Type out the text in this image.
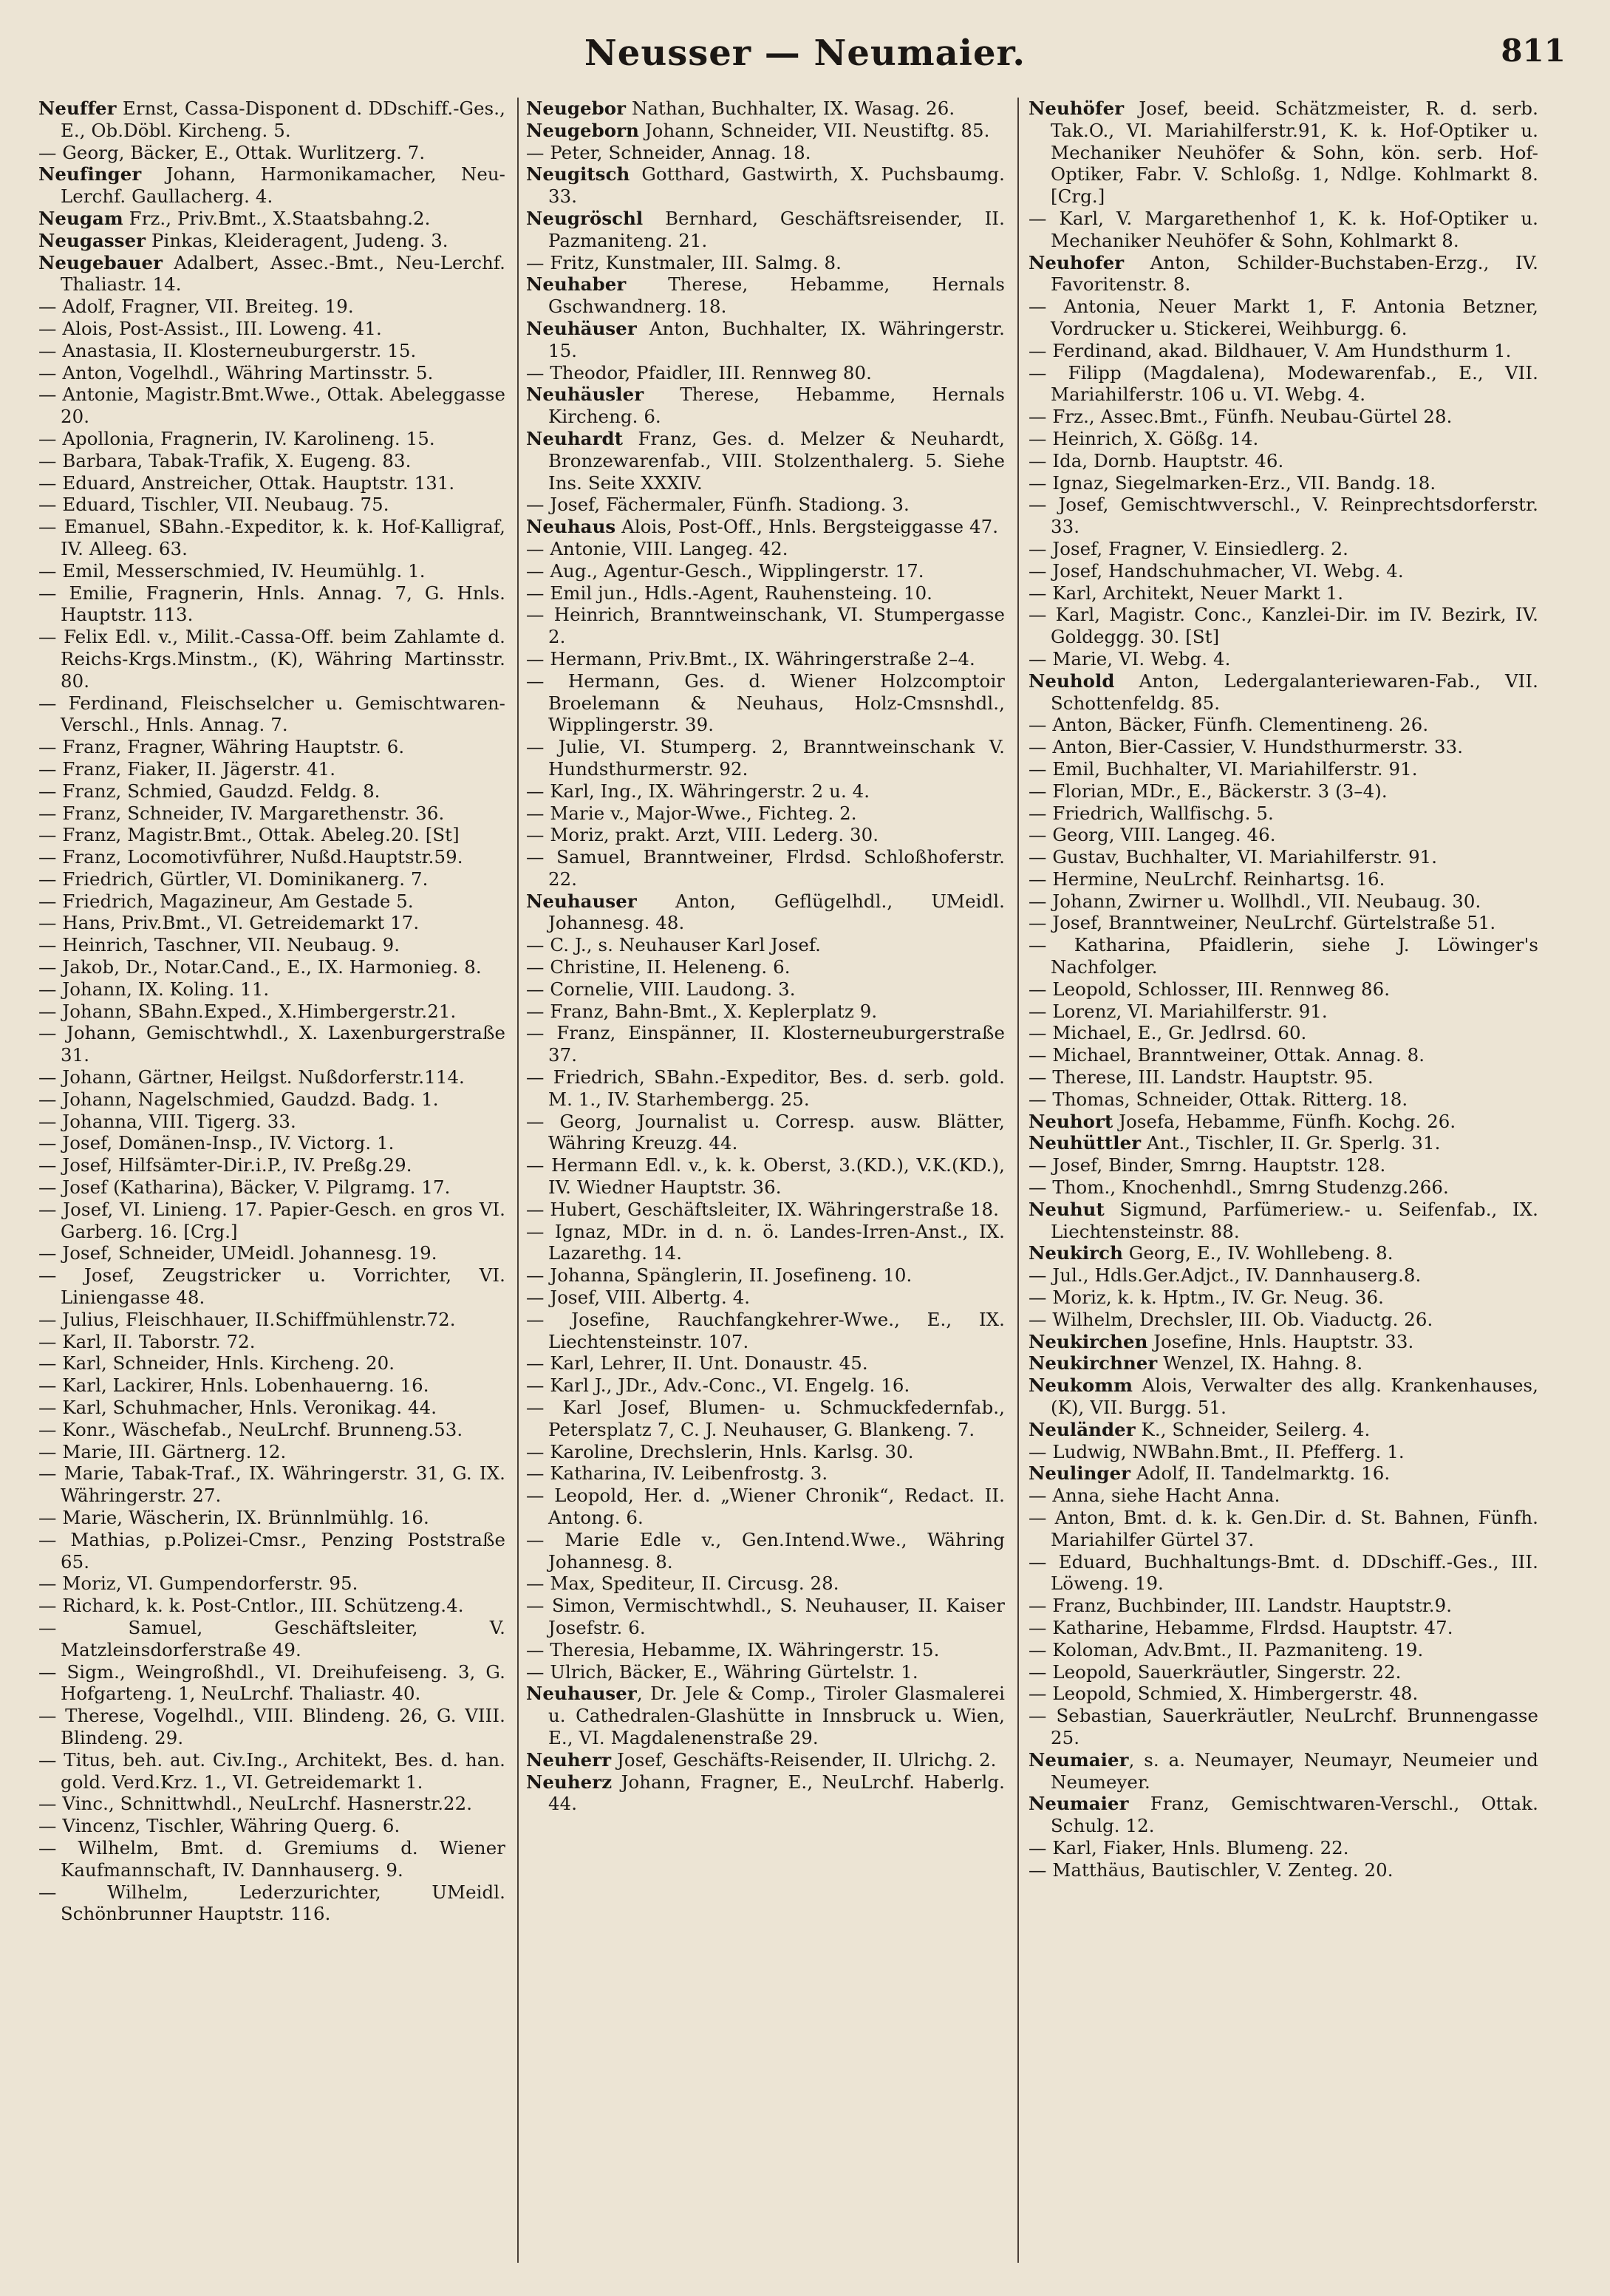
Neusser — Neumaier.	811
Neuffer Ernst, Cassa-Disponent d. DDschiff.-Ges., E., Ob.Döbl. Kircheng. 5.
— Georg, Bäcker, E., Ottak. Wurlitzerg. 7.
Neufinger Johann, Harmonikamacher, Neu-Lerchf. Gaullacherg. 4.
Neugam Frz., Priv.Bmt., X.Staatsbahng.2.
Neugasser Pinkas, Kleideragent, Judeng. 3.
Neugebauer Adalbert, Assec.-Bmt., Neu-Lerchf. Thaliastr. 14.
— Adolf, Fragner, VII. Breiteg. 19.
— Alois, Post-Assist., III. Loweng. 41.
— Anastasia, II. Klosterneuburgerstr. 15.
— Anton, Vogelhdl., Währing Martinsstr. 5.
— Antonie, Magistr.Bmt.Wwe., Ottak. Abeleggasse 20.
— Apollonia, Fragnerin, IV. Karolineng. 15.
— Barbara, Tabak-Trafik, X. Eugeng. 83.
— Eduard, Anstreicher, Ottak. Hauptstr. 131.
— Eduard, Tischler, VII. Neubaug. 75.
— Emanuel, SBahn.-Expeditor, k. k. Hof-Kalligraf, IV. Alleeg. 63.
— Emil, Messerschmied, IV. Heumühlg. 1.
— Emilie, Fragnerin, Hnls. Annag. 7, G. Hnls. Hauptstr. 113.
— Felix Edl. v., Milit.-Cassa-Off. beim Zahlamte d. Reichs-Krgs.Minstm., (K), Währing Martinsstr. 80.
— Ferdinand, Fleischselcher u. Gemischtwaren-Verschl., Hnls. Annag. 7.
— Franz, Fragner, Währing Hauptstr. 6.
— Franz, Fiaker, II. Jägerstr. 41.
— Franz, Schmied, Gaudzd. Feldg. 8.
— Franz, Schneider, IV. Margarethenstr. 36.
— Franz, Magistr.Bmt., Ottak. Abeleg.20. [St]
— Franz, Locomotivführer, Nußd.Hauptstr.59.
— Friedrich, Gürtler, VI. Dominikanerg. 7.
— Friedrich, Magazineur, Am Gestade 5.
— Hans, Priv.Bmt., VI. Getreidemarkt 17.
— Heinrich, Taschner, VII. Neubaug. 9.
— Jakob, Dr., Notar.Cand., E., IX. Harmonieg. 8.
— Johann, IX. Koling. 11.
— Johann, SBahn.Exped., X.Himbergerstr.21.
— Johann, Gemischtwhdl., X. Laxenburgerstraße 31.
— Johann, Gärtner, Heilgst. Nußdorferstr.114.
— Johann, Nagelschmied, Gaudzd. Badg. 1.
— Johanna, VIII. Tigerg. 33.
— Josef, Domänen-Insp., IV. Victorg. 1.
— Josef, Hilfsämter-Dir.i.P., IV. Preßg.29.
— Josef (Katharina), Bäcker, V. Pilgramg. 17.
— Josef, VI. Linieng. 17. Papier-Gesch. en gros VI. Garberg. 16. [Crg.]
— Josef, Schneider, UMeidl. Johannesg. 19.
— Josef, Zeugstricker u. Vorrichter, VI. Liniengasse 48.
— Julius, Fleischhauer, II.Schiffmühlenstr.72.
— Karl, II. Taborstr. 72.
— Karl, Schneider, Hnls. Kircheng. 20.
— Karl, Lackirer, Hnls. Lobenhauerng. 16.
— Karl, Schuhmacher, Hnls. Veronikag. 44.
— Konr., Wäschefab., NeuLrchf. Brunneng.53.
— Marie, III. Gärtnerg. 12.
— Marie, Tabak-Traf., IX. Währingerstr. 31, G. IX. Währingerstr. 27.
— Marie, Wäscherin, IX. Brünnlmühlg. 16.
— Mathias, p.Polizei-Cmsr., Penzing Poststraße 65.
— Moriz, VI. Gumpendorferstr. 95.
— Richard, k. k. Post-Cntlor., III. Schützeng.4.
— Samuel, Geschäftsleiter, V. Matzleinsdorferstraße 49.
— Sigm., Weingroßhdl., VI. Dreihufeiseng. 3, G. Hofgarteng. 1, NeuLrchf. Thaliastr. 40.
— Therese, Vogelhdl., VIII. Blindeng. 26, G. VIII. Blindeng. 29.
— Titus, beh. aut. Civ.Ing., Architekt, Bes. d. han. gold. Verd.Krz. 1., VI. Getreidemarkt 1.
— Vinc., Schnittwhdl., NeuLrchf. Hasnerstr.22.
— Vincenz, Tischler, Währing Querg. 6.
— Wilhelm, Bmt. d. Gremiums d. Wiener Kaufmannschaft, IV. Dannhauserg. 9.
— Wilhelm, Lederzurichter, UMeidl. Schönbrunner Hauptstr. 116.
Neugebor Nathan, Buchhalter, IX. Wasag. 26.
Neugeborn Johann, Schneider, VII. Neustiftg. 85.
— Peter, Schneider, Annag. 18.
Neugitsch Gotthard, Gastwirth, X. Puchsbaumg. 33.
Neugröschl Bernhard, Geschäftsreisender, II. Pazmaniteng. 21.
— Fritz, Kunstmaler, III. Salmg. 8.
Neuhaber Therese, Hebamme, Hernals Gschwandnerg. 18.
Neuhäuser Anton, Buchhalter, IX. Währingerstr. 15.
— Theodor, Pfaidler, III. Rennweg 80.
Neuhäusler Therese, Hebamme, Hernals Kircheng. 6.
Neuhardt Franz, Ges. d. Melzer & Neuhardt, Bronzewarenfab., VIII. Stolzenthalerg. 5. Siehe Ins. Seite XXXIV.
— Josef, Fächermaler, Fünfh. Stadiong. 3.
Neuhaus Alois, Post-Off., Hnls. Bergsteiggasse 47.
— Antonie, VIII. Langeg. 42.
— Aug., Agentur-Gesch., Wipplingerstr. 17.
— Emil jun., Hdls.-Agent, Rauhensteing. 10.
— Heinrich, Branntweinschank, VI. Stumpergasse 2.
— Hermann, Priv.Bmt., IX. Währingerstraße 2–4.
— Hermann, Ges. d. Wiener Holzcomptoir Broelemann & Neuhaus, Holz-Cmsnshdl., Wipplingerstr. 39.
— Julie, VI. Stumperg. 2, Branntweinschank V. Hundsthurmerstr. 92.
— Karl, Ing., IX. Währingerstr. 2 u. 4.
— Marie v., Major-Wwe., Fichteg. 2.
— Moriz, prakt. Arzt, VIII. Lederg. 30.
— Samuel, Branntweiner, Flrdsd. Schloßhoferstr. 22.
Neuhauser Anton, Geflügelhdl., UMeidl. Johannesg. 48.
— C. J., s. Neuhauser Karl Josef.
— Christine, II. Heleneng. 6.
— Cornelie, VIII. Laudong. 3.
— Franz, Bahn-Bmt., X. Keplerplatz 9.
— Franz, Einspänner, II. Klosterneuburgerstraße 37.
— Friedrich, SBahn.-Expeditor, Bes. d. serb. gold. M. 1., IV. Starhembergg. 25.
— Georg, Journalist u. Corresp. ausw. Blätter, Währing Kreuzg. 44.
— Hermann Edl. v., k. k. Oberst, 3.(KD.), V.K.(KD.), IV. Wiedner Hauptstr. 36.
— Hubert, Geschäftsleiter, IX. Währingerstraße 18.
— Ignaz, MDr. in d. n. ö. Landes-Irren-Anst., IX. Lazarethg. 14.
— Johanna, Spänglerin, II. Josefineng. 10.
— Josef, VIII. Albertg. 4.
— Josefine, Rauchfangkehrer-Wwe., E., IX. Liechtensteinstr. 107.
— Karl, Lehrer, II. Unt. Donaustr. 45.
— Karl J., JDr., Adv.-Conc., VI. Engelg. 16.
— Karl Josef, Blumen- u. Schmuckfedernfab., Petersplatz 7, C. J. Neuhauser, G. Blankeng. 7.
— Karoline, Drechslerin, Hnls. Karlsg. 30.
— Katharina, IV. Leibenfrostg. 3.
— Leopold, Her. d. „Wiener Chronik“, Redact. II. Antong. 6.
— Marie Edle v., Gen.Intend.Wwe., Währing Johannesg. 8.
— Max, Spediteur, II. Circusg. 28.
— Simon, Vermischtwhdl., S. Neuhauser, II. Kaiser Josefstr. 6.
— Theresia, Hebamme, IX. Währingerstr. 15.
— Ulrich, Bäcker, E., Währing Gürtelstr. 1.
Neuhauser, Dr. Jele & Comp., Tiroler Glasmalerei u. Cathedralen-Glashütte in Innsbruck u. Wien, E., VI. Magdalenenstraße 29.
Neuherr Josef, Geschäfts-Reisender, II. Ulrichg. 2.
Neuherz Johann, Fragner, E., NeuLrchf. Haberlg. 44.
Neuhöfer Josef, beeid. Schätzmeister, R. d. serb. Tak.O., VI. Mariahilferstr.91, K. k. Hof-Optiker u. Mechaniker Neuhöfer & Sohn, kön. serb. Hof-Optiker, Fabr. V. Schloßg. 1, Ndlge. Kohlmarkt 8. [Crg.]
— Karl, V. Margarethenhof 1, K. k. Hof-Optiker u. Mechaniker Neuhöfer & Sohn, Kohlmarkt 8.
Neuhofer Anton, Schilder-Buchstaben-Erzg., IV. Favoritenstr. 8.
— Antonia, Neuer Markt 1, F. Antonia Betzner, Vordrucker u. Stickerei, Weihburgg. 6.
— Ferdinand, akad. Bildhauer, V. Am Hundsthurm 1.
— Filipp (Magdalena), Modewarenfab., E., VII. Mariahilferstr. 106 u. VI. Webg. 4.
— Frz., Assec.Bmt., Fünfh. Neubau-Gürtel 28.
— Heinrich, X. Gößg. 14.
— Ida, Dornb. Hauptstr. 46.
— Ignaz, Siegelmarken-Erz., VII. Bandg. 18.
— Josef, Gemischtwverschl., V. Reinprechtsdorferstr. 33.
— Josef, Fragner, V. Einsiedlerg. 2.
— Josef, Handschuhmacher, VI. Webg. 4.
— Karl, Architekt, Neuer Markt 1.
— Karl, Magistr. Conc., Kanzlei-Dir. im IV. Bezirk, IV. Goldeggg. 30. [St]
— Marie, VI. Webg. 4.
Neuhold Anton, Ledergalanteriewaren-Fab., VII. Schottenfeldg. 85.
— Anton, Bäcker, Fünfh. Clementineng. 26.
— Anton, Bier-Cassier, V. Hundsthurmerstr. 33.
— Emil, Buchhalter, VI. Mariahilferstr. 91.
— Florian, MDr., E., Bäckerstr. 3 (3–4).
— Friedrich, Wallfischg. 5.
— Georg, VIII. Langeg. 46.
— Gustav, Buchhalter, VI. Mariahilferstr. 91.
— Hermine, NeuLrchf. Reinhartsg. 16.
— Johann, Zwirner u. Wollhdl., VII. Neubaug. 30.
— Josef, Branntweiner, NeuLrchf. Gürtelstraße 51.
— Katharina, Pfaidlerin, siehe J. Löwinger's Nachfolger.
— Leopold, Schlosser, III. Rennweg 86.
— Lorenz, VI. Mariahilferstr. 91.
— Michael, E., Gr. Jedlrsd. 60.
— Michael, Branntweiner, Ottak. Annag. 8.
— Therese, III. Landstr. Hauptstr. 95.
— Thomas, Schneider, Ottak. Ritterg. 18.
Neuhort Josefa, Hebamme, Fünfh. Kochg. 26.
Neuhüttler Ant., Tischler, II. Gr. Sperlg. 31.
— Josef, Binder, Smrng. Hauptstr. 128.
— Thom., Knochenhdl., Smrng Studenzg.266.
Neuhut Sigmund, Parfümeriew.- u. Seifenfab., IX. Liechtensteinstr. 88.
Neukirch Georg, E., IV. Wohllebeng. 8.
— Jul., Hdls.Ger.Adjct., IV. Dannhauserg.8.
— Moriz, k. k. Hptm., IV. Gr. Neug. 36.
— Wilhelm, Drechsler, III. Ob. Viaductg. 26.
Neukirchen Josefine, Hnls. Hauptstr. 33.
Neukirchner Wenzel, IX. Hahng. 8.
Neukomm Alois, Verwalter des allg. Krankenhauses, (K), VII. Burgg. 51.
Neuländer K., Schneider, Seilerg. 4.
— Ludwig, NWBahn.Bmt., II. Pfefferg. 1.
Neulinger Adolf, II. Tandelmarktg. 16.
— Anna, siehe Hacht Anna.
— Anton, Bmt. d. k. k. Gen.Dir. d. St. Bahnen, Fünfh. Mariahilfer Gürtel 37.
— Eduard, Buchhaltungs-Bmt. d. DDschiff.-Ges., III. Löweng. 19.
— Franz, Buchbinder, III. Landstr. Hauptstr.9.
— Katharine, Hebamme, Flrdsd. Hauptstr. 47.
— Koloman, Adv.Bmt., II. Pazmaniteng. 19.
— Leopold, Sauerkräutler, Singerstr. 22.
— Leopold, Schmied, X. Himbergerstr. 48.
— Sebastian, Sauerkräutler, NeuLrchf. Brunnengasse 25.
Neumaier, s. a. Neumayer, Neumayr, Neumeier und Neumeyer.
Neumaier Franz, Gemischtwaren-Verschl., Ottak. Schulg. 12.
— Karl, Fiaker, Hnls. Blumeng. 22.
— Matthäus, Bautischler, V. Zenteg. 20.
